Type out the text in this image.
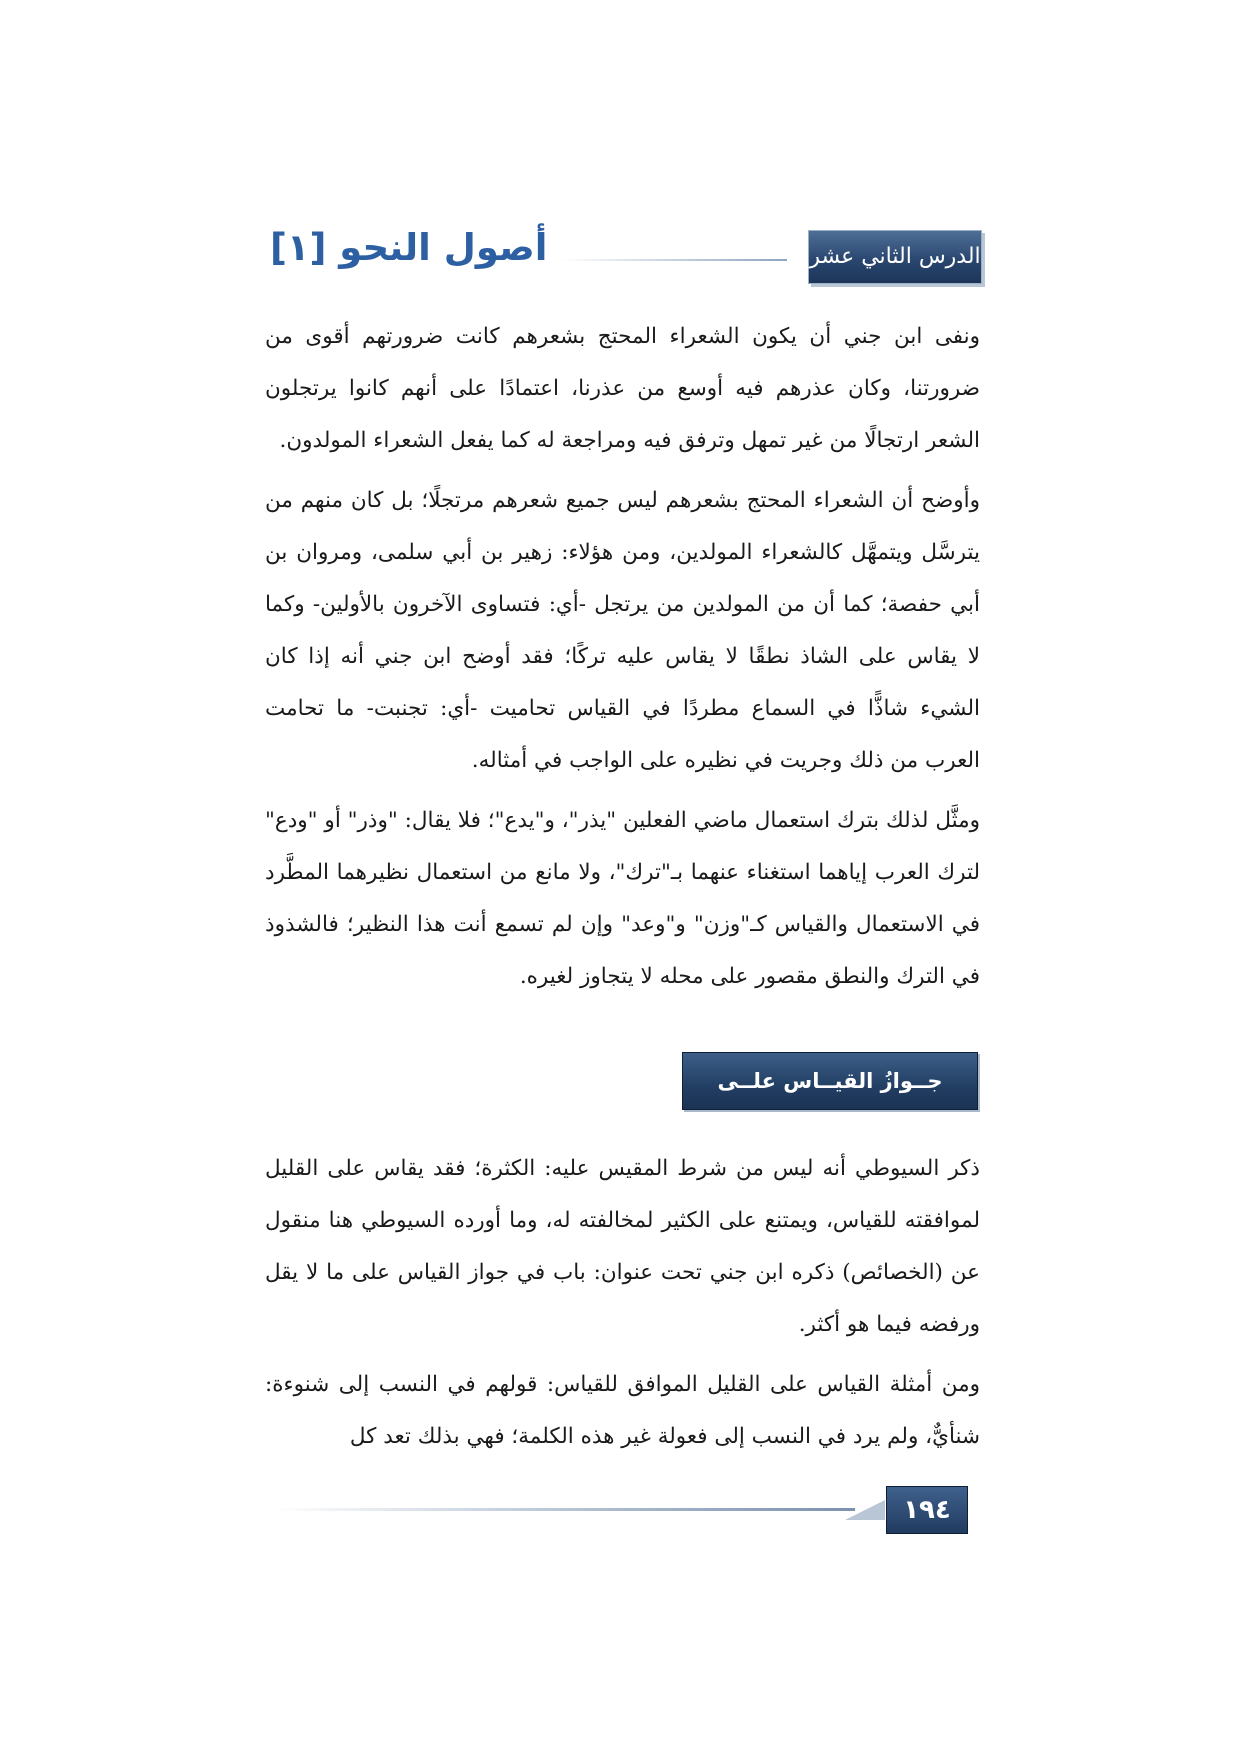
الدرس الثاني عشر
أصول النحو [١]

ونفى ابن جني أن يكون الشعراء المحتج بشعرهم كانت ضرورتهم أقوى من ضرورتنا، وكان عذرهم فيه أوسع من عذرنا، اعتمادًا على أنهم كانوا يرتجلون الشعر ارتجالًا من غير تمهل وترفق فيه ومراجعة له كما يفعل الشعراء المولدون.

وأوضح أن الشعراء المحتج بشعرهم ليس جميع شعرهم مرتجلًا؛ بل كان منهم من يترسَّل ويتمهَّل كالشعراء المولدين، ومن هؤلاء: زهير بن أبي سلمى، ومروان بن أبي حفصة؛ كما أن من المولدين من يرتجل -أي: فتساوى الآخرون بالأولين- وكما لا يقاس على الشاذ نطقًا لا يقاس عليه تركًا؛ فقد أوضح ابن جني أنه إذا كان الشيء شاذًّا في السماع مطردًا في القياس تحاميت -أي: تجنبت- ما تحامت العرب من ذلك وجريت في نظيره على الواجب في أمثاله.

ومثَّل لذلك بترك استعمال ماضي الفعلين "يذر"، و"يدع"؛ فلا يقال: "وذر" أو "ودع" لترك العرب إياهما استغناء عنهما بـ"ترك"، ولا مانع من استعمال نظيرهما المطَّرد في الاستعمال والقياس كـ"وزن" و"وعد" وإن لم تسمع أنت هذا النظير؛ فالشذوذ في الترك والنطق مقصور على محله لا يتجاوز لغيره.

جــوازُ القيــاس علــى القليــل

ذكر السيوطي أنه ليس من شرط المقيس عليه: الكثرة؛ فقد يقاس على القليل لموافقته للقياس، ويمتنع على الكثير لمخالفته له، وما أورده السيوطي هنا منقول عن (الخصائص) ذكره ابن جني تحت عنوان: باب في جواز القياس على ما لا يقل ورفضه فيما هو أكثر.

ومن أمثلة القياس على القليل الموافق للقياس: قولهم في النسب إلى شنوءة: شنأيٌّ، ولم يرد في النسب إلى فعولة غير هذه الكلمة؛ فهي بذلك تعد كل

١٩٤
